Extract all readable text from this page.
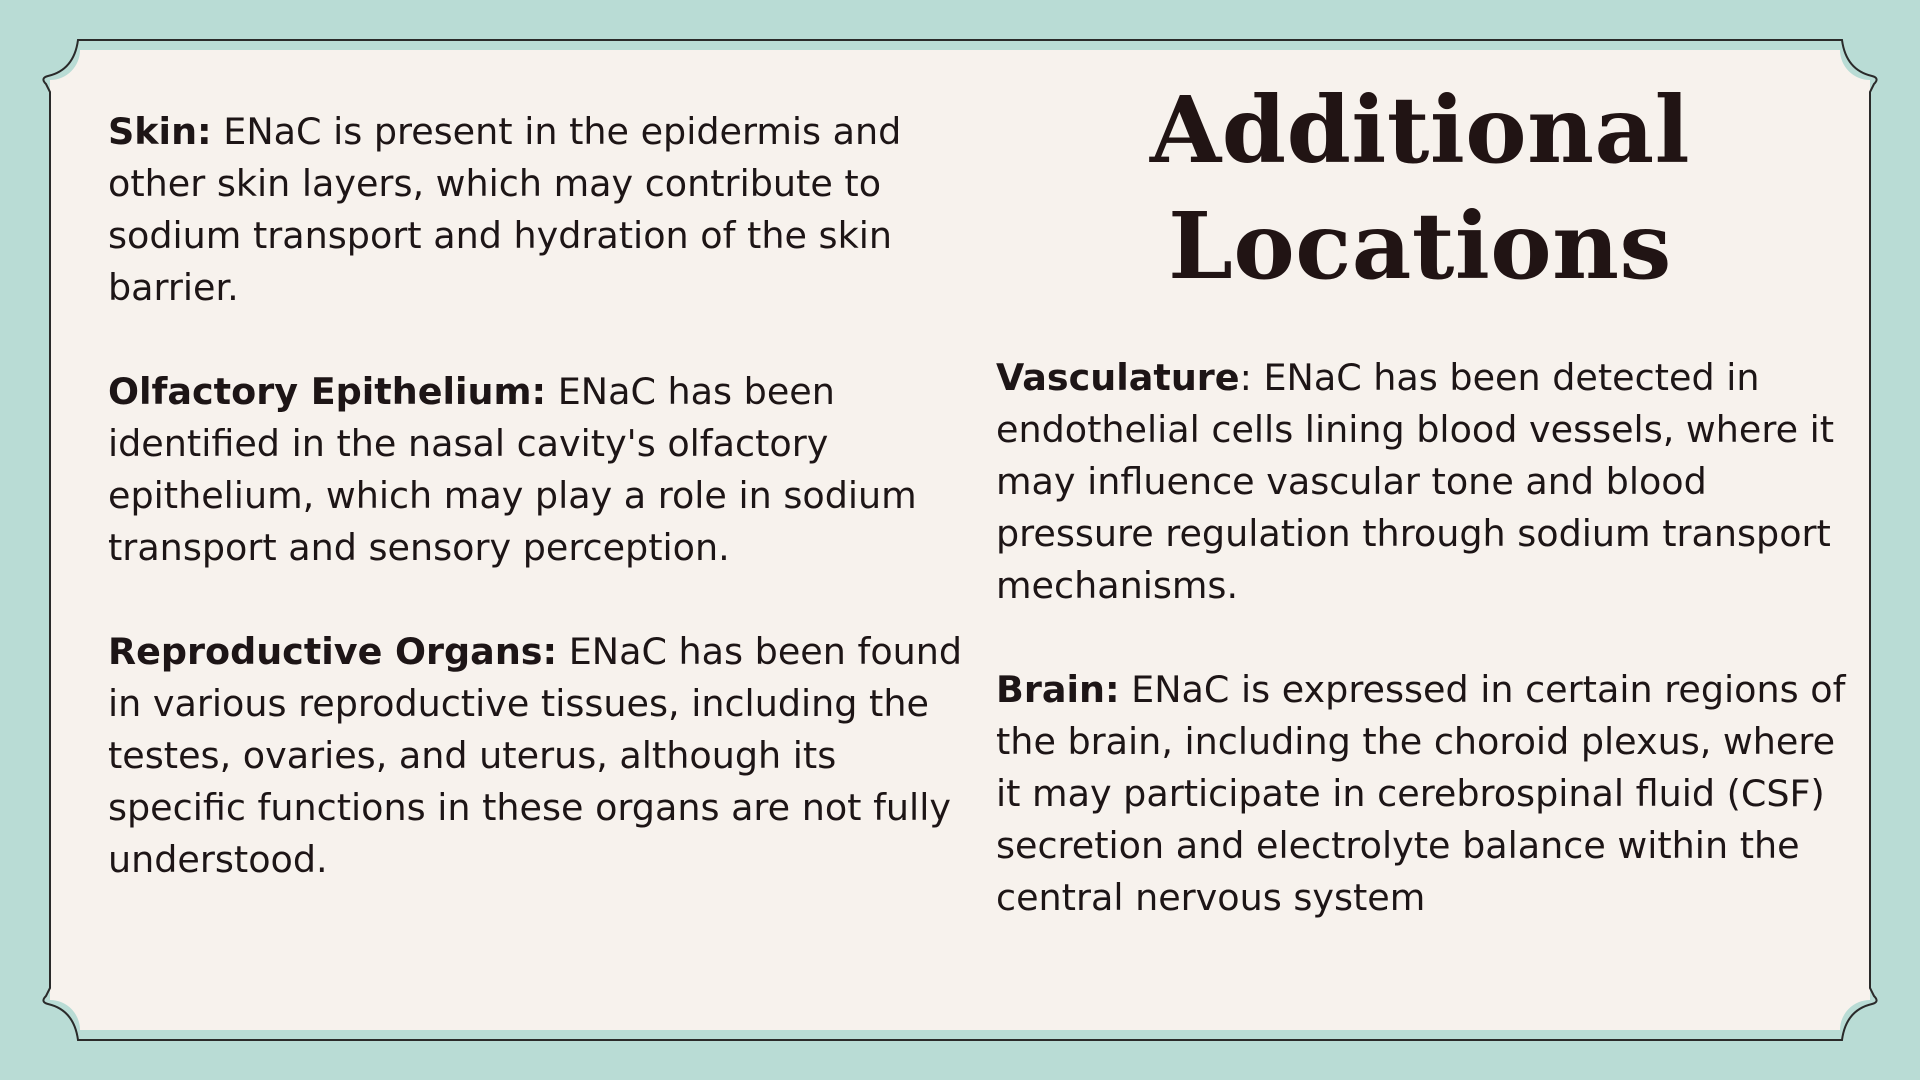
Additional
Locations

Skin: ENaC is present in the epidermis and other skin layers, which may contribute to sodium transport and hydration of the skin barrier.

Olfactory Epithelium: ENaC has been identified in the nasal cavity's olfactory epithelium, which may play a role in sodium transport and sensory perception.

Reproductive Organs: ENaC has been found in various reproductive tissues, including the testes, ovaries, and uterus, although its specific functions in these organs are not fully understood.

Vasculature: ENaC has been detected in endothelial cells lining blood vessels, where it may influence vascular tone and blood pressure regulation through sodium transport mechanisms.

Brain: ENaC is expressed in certain regions of the brain, including the choroid plexus, where it may participate in cerebrospinal fluid (CSF) secretion and electrolyte balance within the central nervous system
